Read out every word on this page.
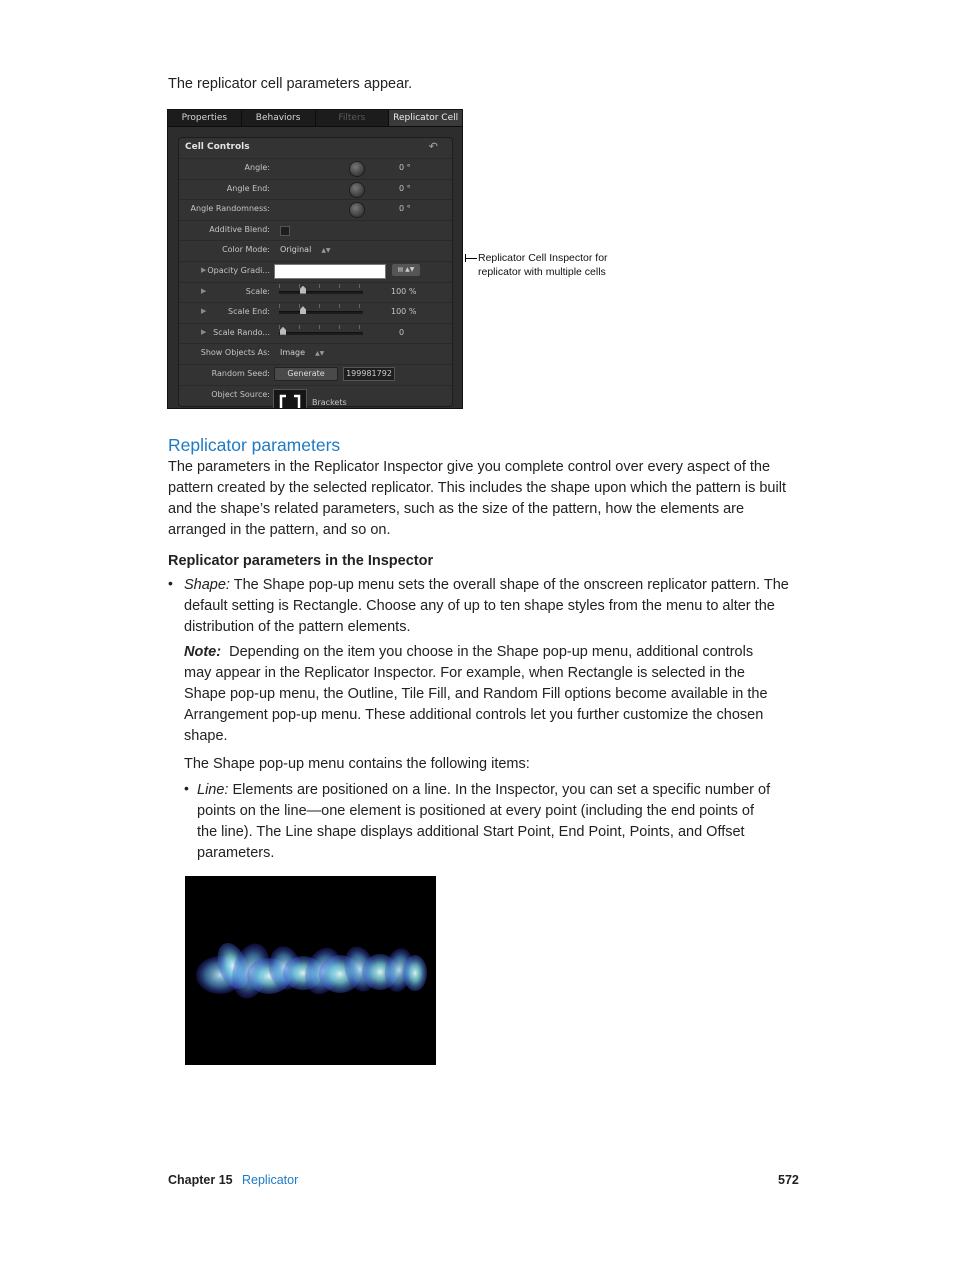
The replicator cell parameters appear.
Properties	Behaviors	Filters	Replicator Cell
Cell Controls	↶
Angle:	0 °
Angle End:	0 °
Angle Randomness:	0 °
Additive Blend:
Color Mode: Original ▲▼
▶ Opacity Gradi...	▤ ▲▼
▶	Scale:	100 %
▶	Scale End:	100 %
▶ Scale Rando...	0
Show Objects As: Image ▲▼
Random Seed:	Generate	199981792
Object Source:
Brackets
Replicator Cell Inspector for replicator with multiple cells
Replicator parameters
The parameters in the Replicator Inspector give you complete control over every aspect of the pattern created by the selected replicator. This includes the shape upon which the pattern is built and the shape’s related parameters, such as the size of the pattern, how the elements are arranged in the pattern, and so on.
Replicator parameters in the Inspector
• Shape: The Shape pop-up menu sets the overall shape of the onscreen replicator pattern. The default setting is Rectangle. Choose any of up to ten shape styles from the menu to alter the distribution of the pattern elements.
Note:  Depending on the item you choose in the Shape pop-up menu, additional controls may appear in the Replicator Inspector. For example, when Rectangle is selected in the Shape pop-up menu, the Outline, Tile Fill, and Random Fill options become available in the Arrangement pop-up menu. These additional controls let you further customize the chosen shape.
The Shape pop-up menu contains the following items:
• Line: Elements are positioned on a line. In the Inspector, you can set a specific number of points on the line—one element is positioned at every point (including the end points of the line). The Line shape displays additional Start Point, End Point, Points, and Offset parameters.
Chapter 15 Replicator	572
